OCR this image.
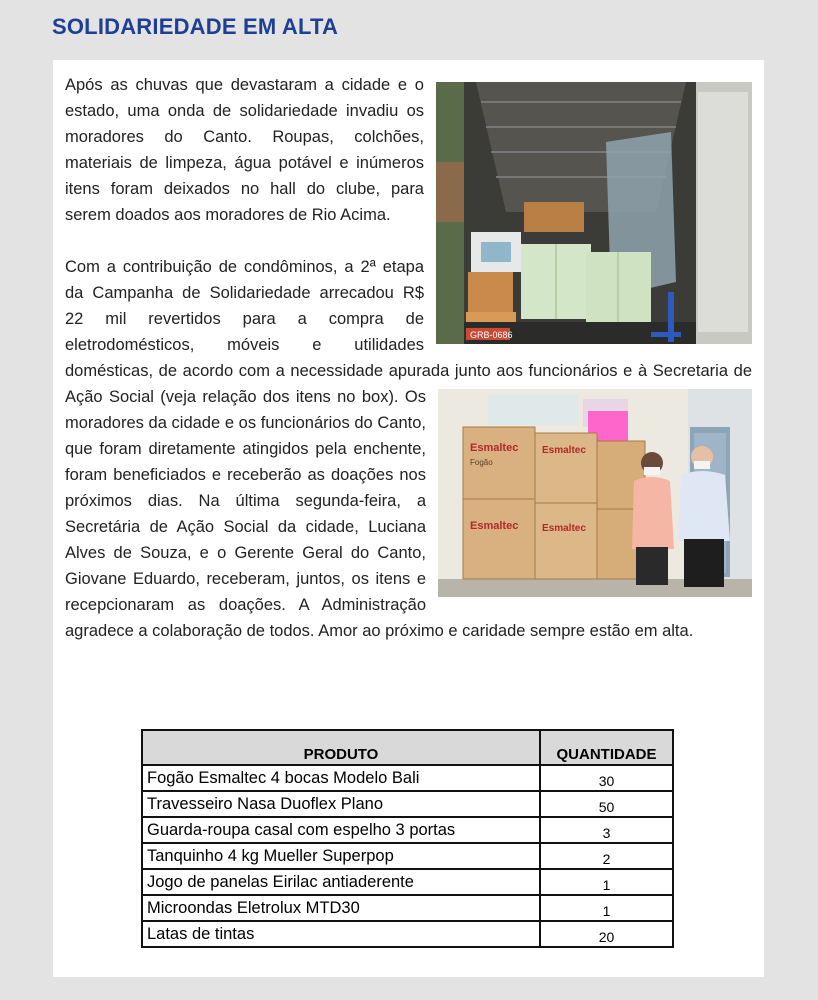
SOLIDARIEDADE EM ALTA
GRB-0686

Após as chuvas que devastaram a cidade e o estado, uma onda de solidariedade invadiu os moradores do Canto. Roupas, colchões, materiais de limpeza, água potável e inúmeros itens foram deixados no hall do clube, para serem doados aos moradores de Rio Acima.

Com a contribuição de condôminos, a 2ª etapa da Campanha de Solidariedade arrecadou R$ 22 mil revertidos para a compra de eletrodomésticos, móveis e utilidades domésticas, de acordo com a necessidade apurada junto aos funcionários e à Secretaria de Ação Social (veja relação dos itens no box).
Esmaltec Esmaltec
Esmaltec Esmaltec
Fogão
Os moradores da cidade e os funcionários do Canto, que foram diretamente atingidos pela enchente, foram beneficiados e receberão as doações nos próximos dias. Na última segunda-feira, a Secretária de Ação Social da cidade, Luciana Alves de Souza, e o Gerente Geral do Canto, Giovane Eduardo, receberam, juntos, os itens e recepcionaram as doações. A Administração agradece a colaboração de todos. Amor ao próximo e caridade sempre estão em alta.

PRODUTO	QUANTIDADE
Fogão Esmaltec 4 bocas Modelo Bali	30
Travesseiro Nasa Duoflex Plano	50
Guarda-roupa casal com espelho 3 portas	3
Tanquinho 4 kg Mueller Superpop	2
Jogo de panelas Eirilac antiaderente	1
Microondas Eletrolux MTD30	1
Latas de tintas	20
